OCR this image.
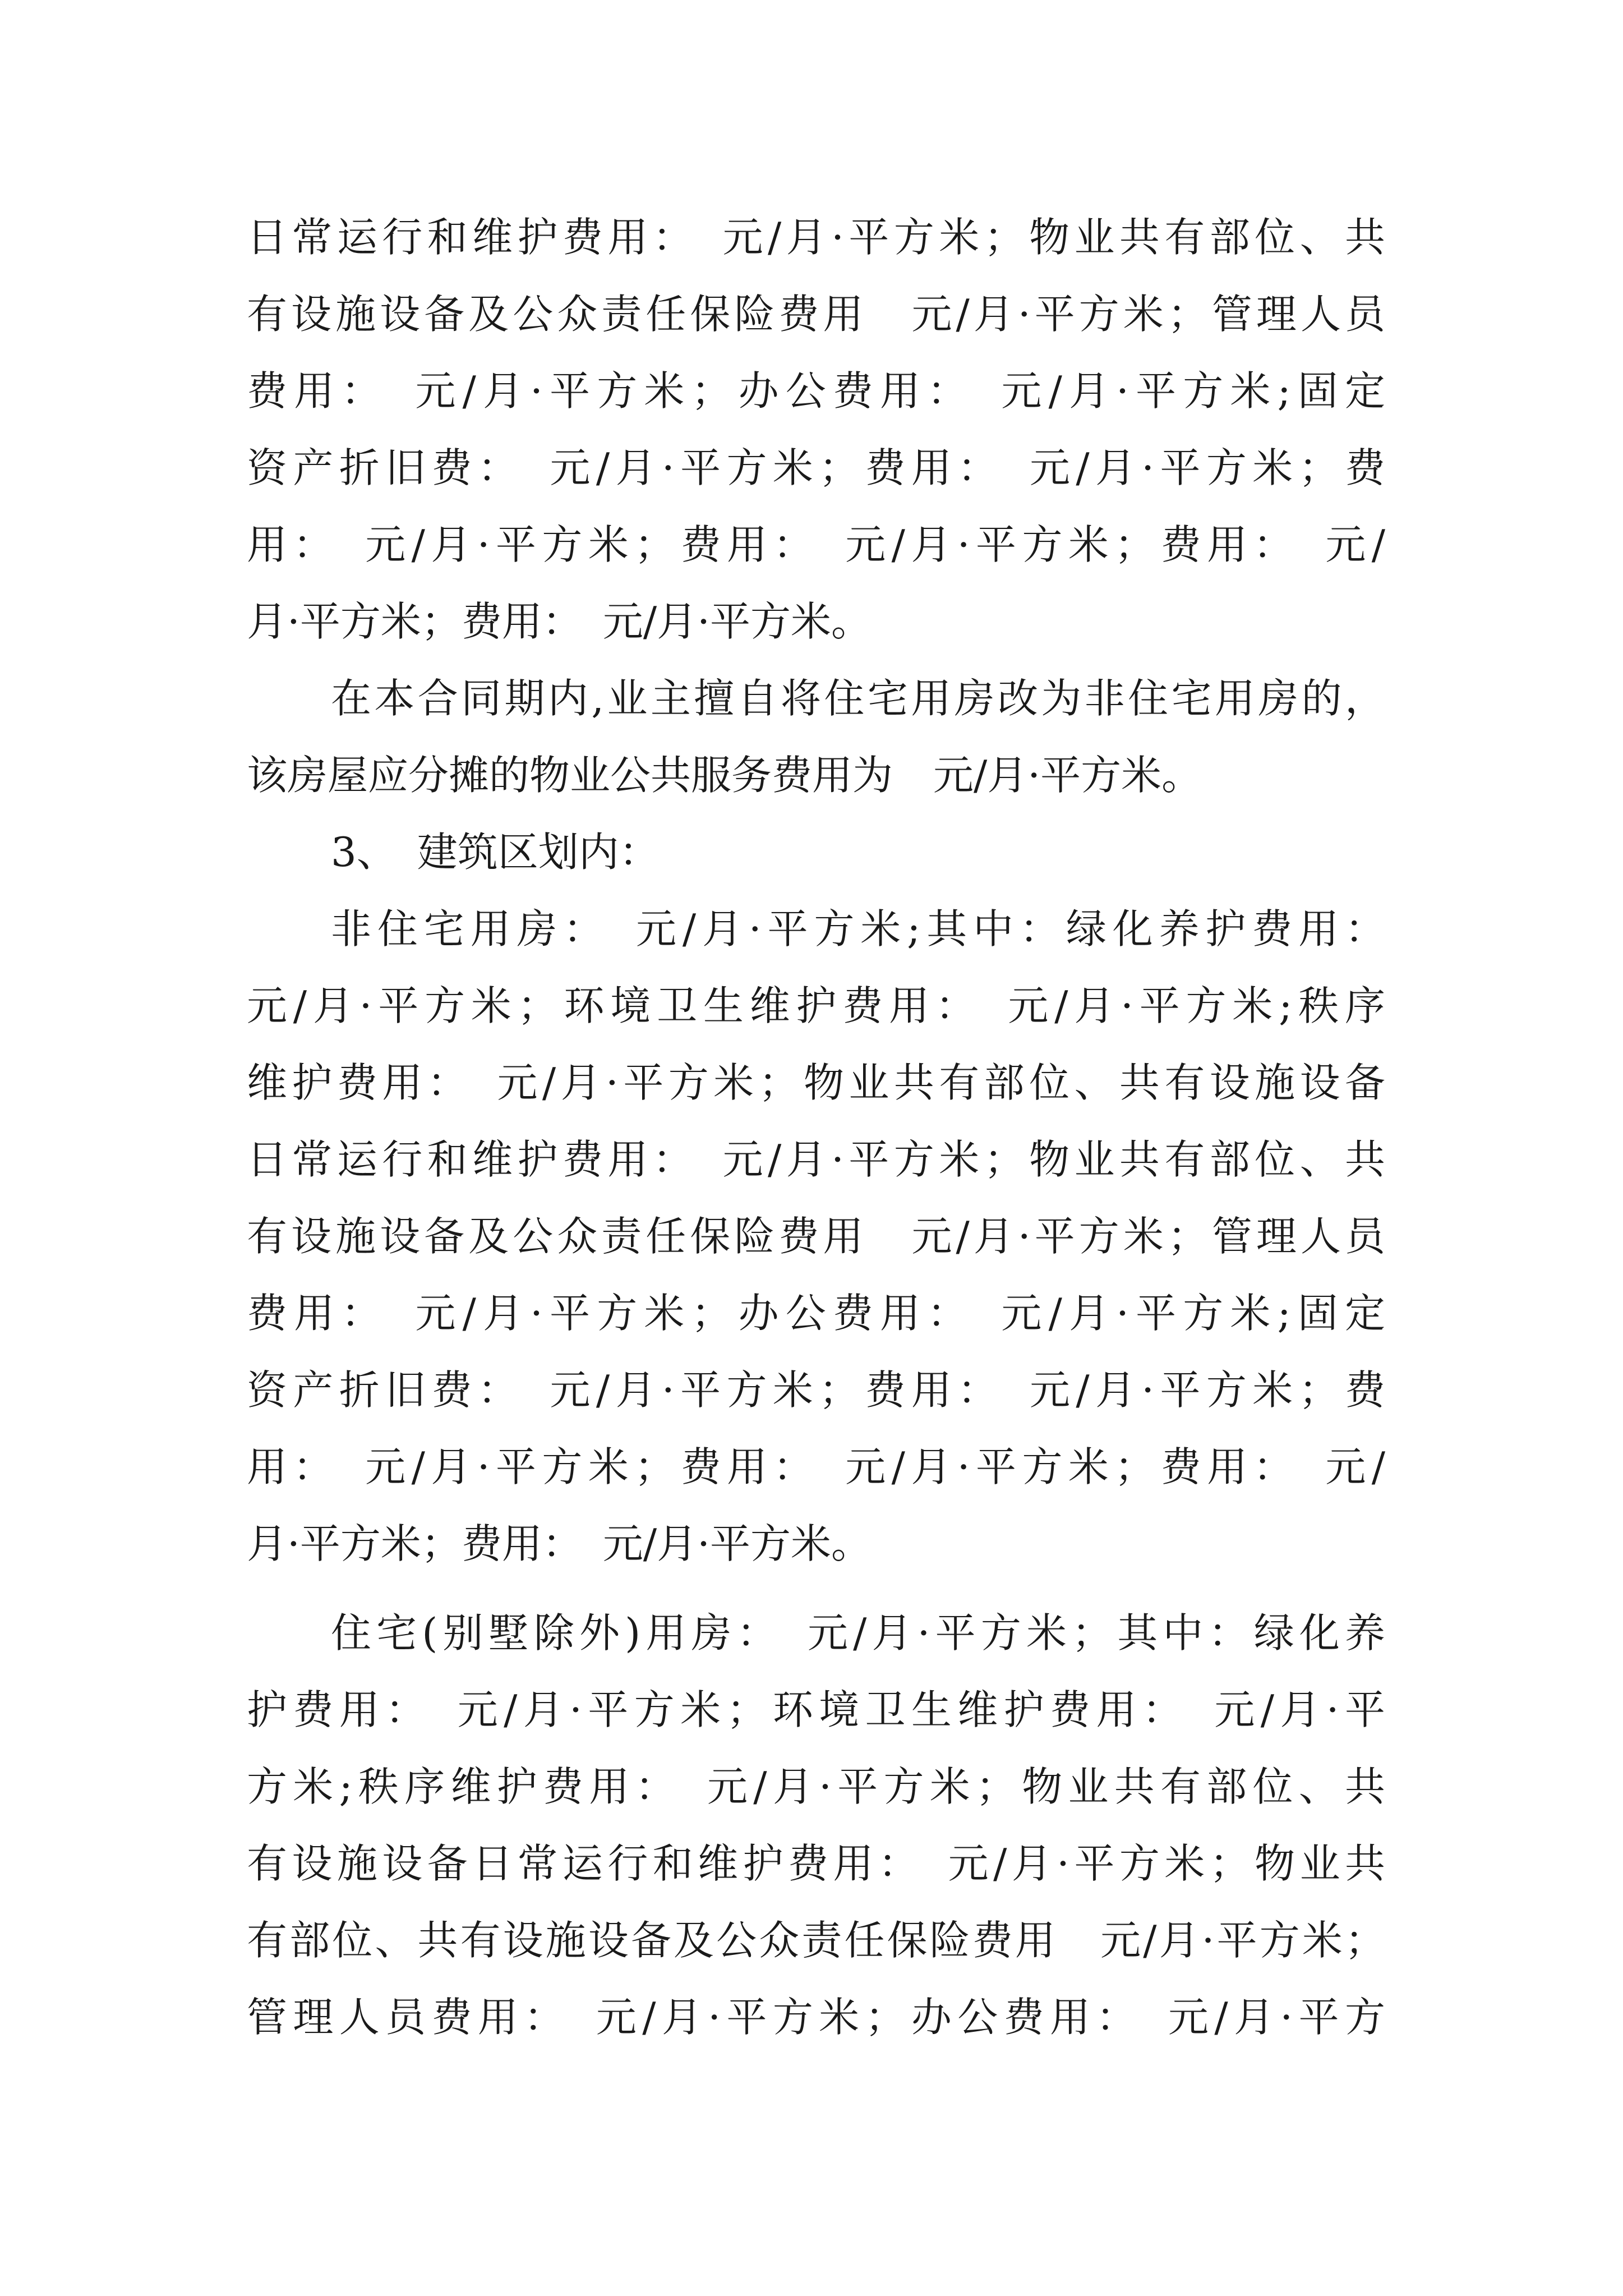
日常运行和维护费用：　元/月·平方米；物业共有部位、共
有设施设备及公众责任保险费用　元/月·平方米；管理人员
费用：　元/月·平方米；办公费用：　元/月·平方米;固定
资产折旧费：　元/月·平方米；费用：　元/月·平方米；费
用：　元/月·平方米；费用：　元/月·平方米；费用：　元/
月·平方米；费用：　元/月·平方米。
在本合同期内,业主擅自将住宅用房改为非住宅用房的，
该房屋应分摊的物业公共服务费用为　元/月·平方米。
3、　建筑区划内：
非住宅用房：　元/月·平方米;其中：绿化养护费用：
元/月·平方米；环境卫生维护费用：　元/月·平方米;秩序
维护费用：　元/月·平方米；物业共有部位、共有设施设备
日常运行和维护费用：　元/月·平方米；物业共有部位、共
有设施设备及公众责任保险费用　元/月·平方米；管理人员
费用：　元/月·平方米；办公费用：　元/月·平方米;固定
资产折旧费：　元/月·平方米；费用：　元/月·平方米；费
用：　元/月·平方米；费用：　元/月·平方米；费用：　元/
月·平方米；费用：　元/月·平方米。
住宅(别墅除外)用房：　元/月·平方米；其中：绿化养
护费用：　元/月·平方米；环境卫生维护费用：　元/月·平
方米;秩序维护费用：　元/月·平方米；物业共有部位、共
有设施设备日常运行和维护费用：　元/月·平方米；物业共
有部位、共有设施设备及公众责任保险费用　元/月·平方米；
管理人员费用：　元/月·平方米；办公费用：　元/月·平方
